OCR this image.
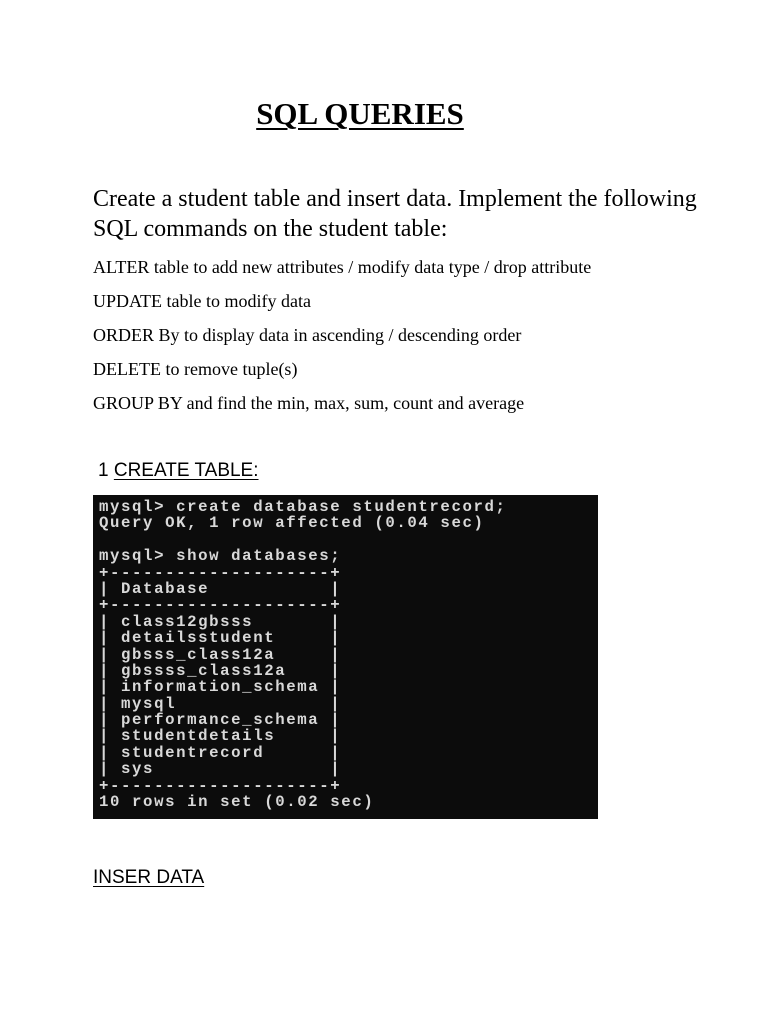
SQL QUERIES

Create a student table and insert data. Implement the following SQL commands on the student table:

ALTER table to add new attributes / modify data type / drop attribute
UPDATE table to modify data
ORDER By to display data in ascending / descending order
DELETE to remove tuple(s)
GROUP BY and find the min, max, sum, count and average
1 CREATE TABLE:
mysql> create database studentrecord;
Query OK, 1 row affected (0.04 sec)
mysql> show databases;
+--------------------+
| Database           |
+--------------------+
| class12gbsss       |
| detailsstudent     |
| gbsss_class12a     |
| gbssss_class12a    |
| information_schema |
| mysql              |
| performance_schema |
| studentdetails     |
| studentrecord      |
| sys                |
+--------------------+
10 rows in set (0.02 sec)
INSER DATA
